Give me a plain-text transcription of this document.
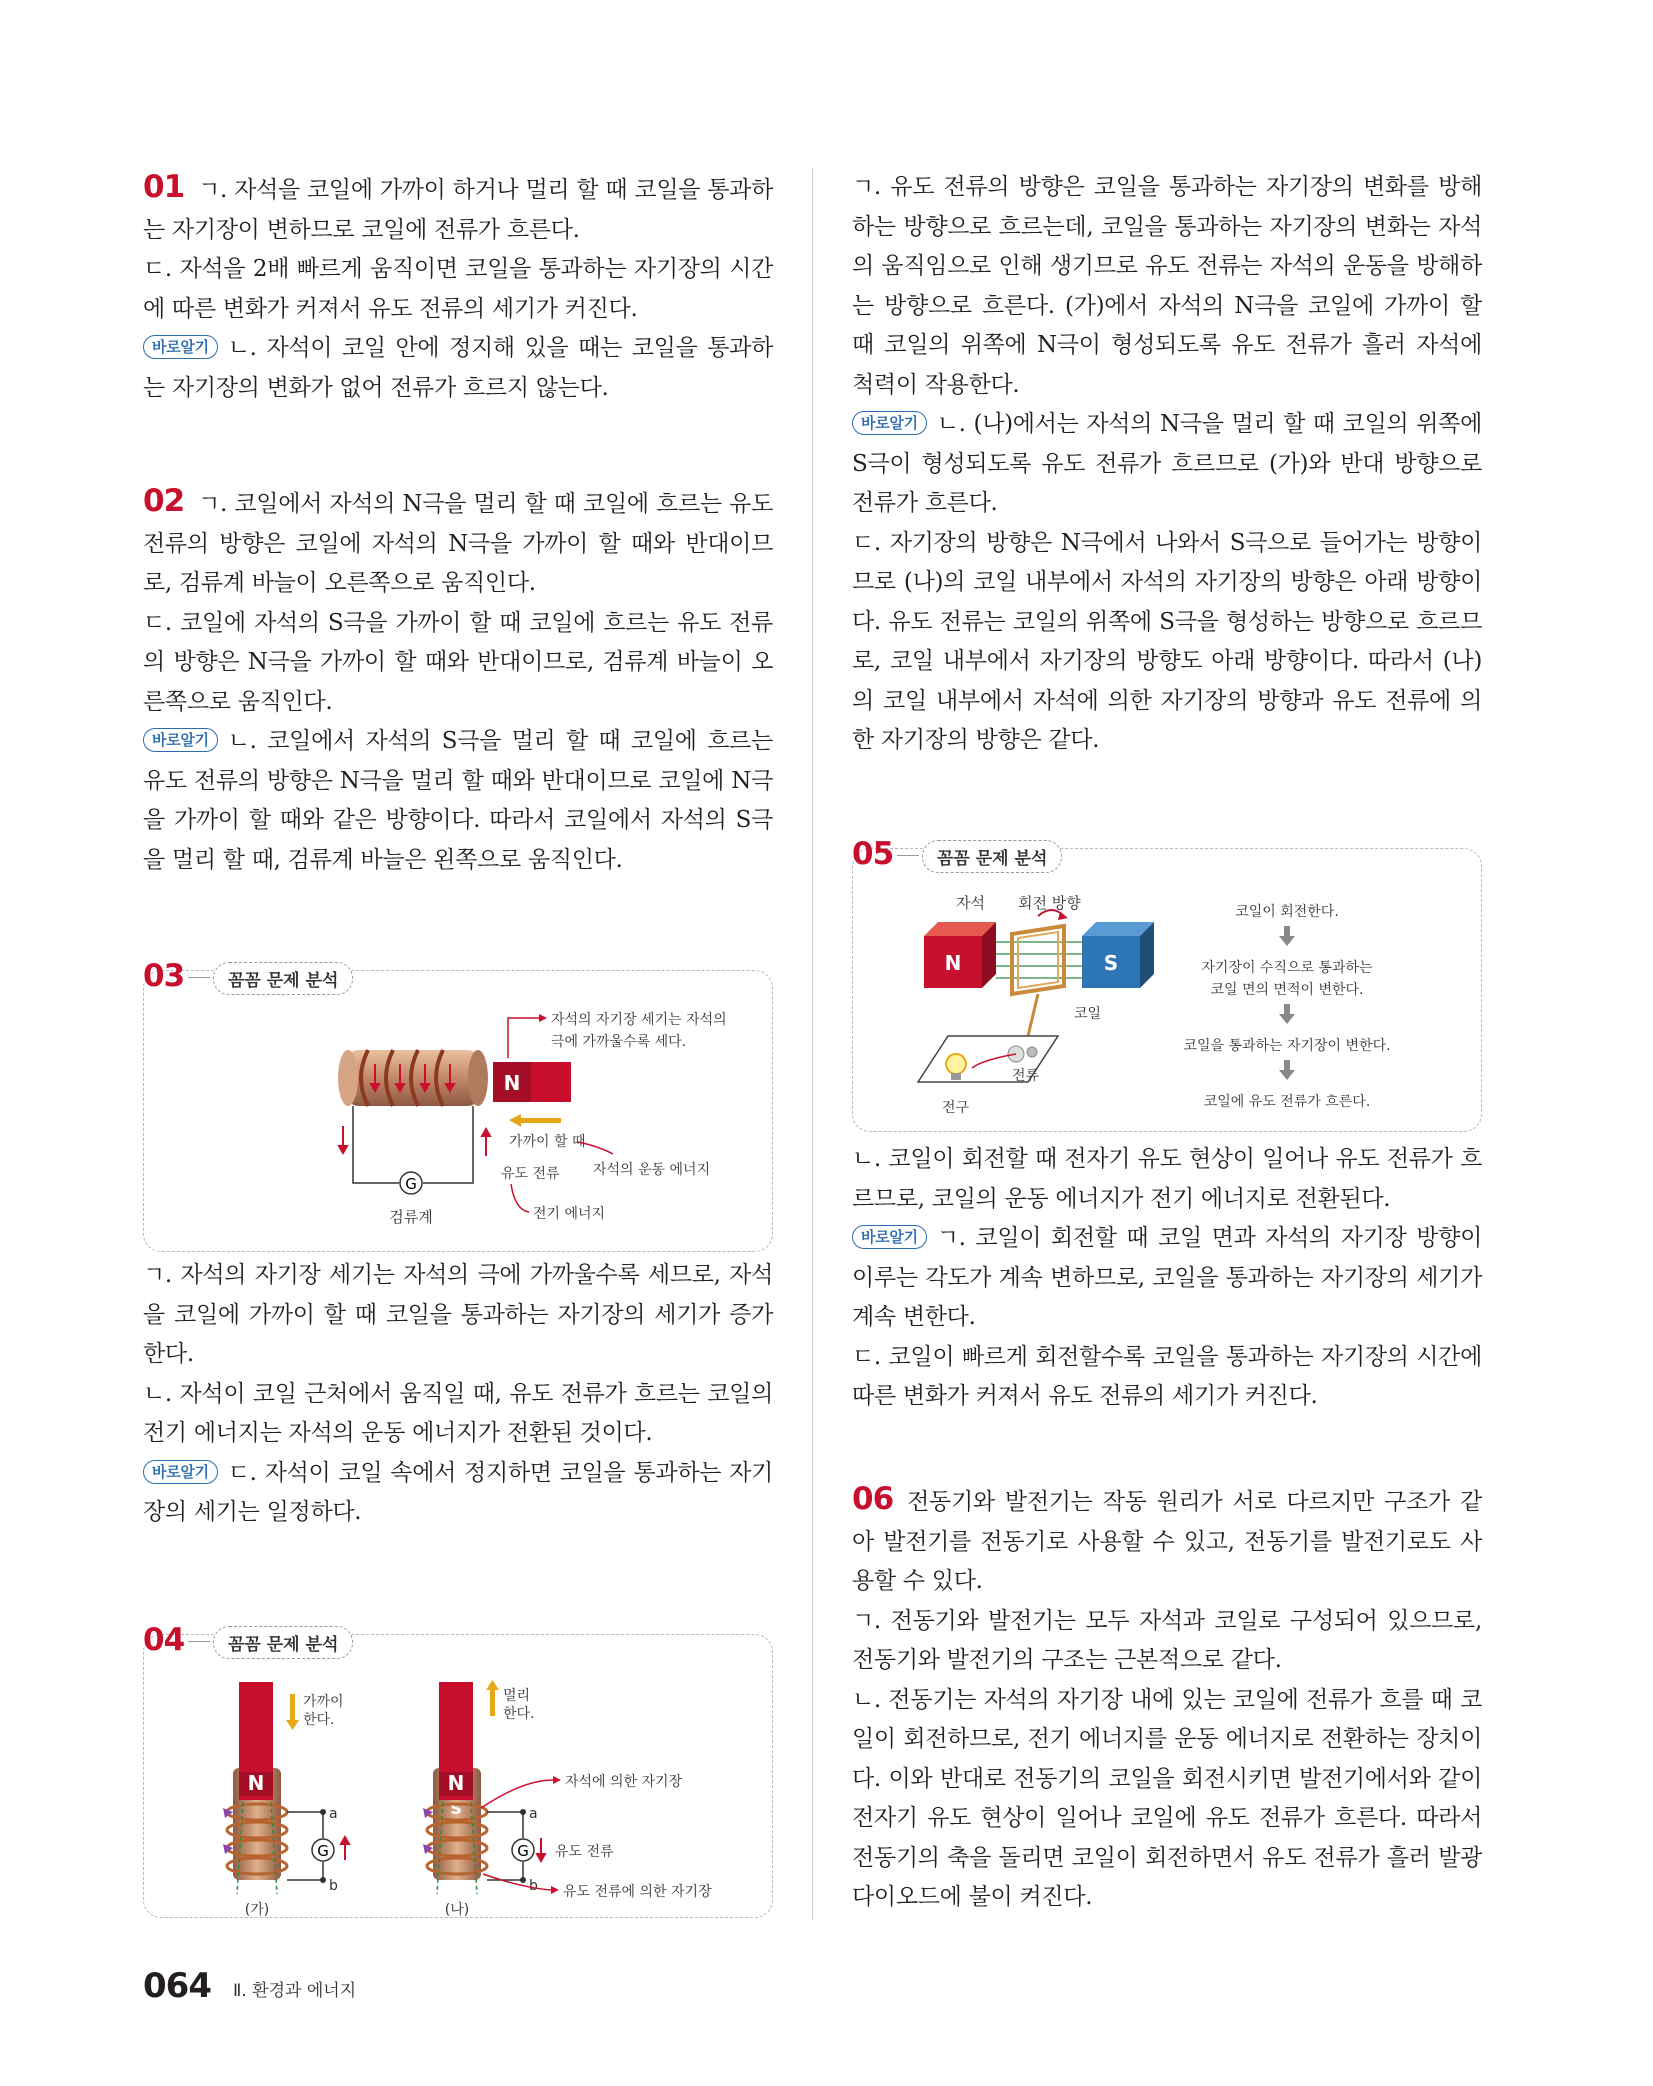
01 ㄱ. 자석을 코일에 가까이 하거나 멀리 할 때 코일을 통과하는 자기장이 변하므로 코일에 전류가 흐른다.

ㄷ. 자석을 2배 빠르게 움직이면 코일을 통과하는 자기장의 시간에 따른 변화가 커져서 유도 전류의 세기가 커진다.

바로알기 ㄴ. 자석이 코일 안에 정지해 있을 때는 코일을 통과하는 자기장의 변화가 없어 전류가 흐르지 않는다.

02 ㄱ. 코일에서 자석의 N극을 멀리 할 때 코일에 흐르는 유도 전류의 방향은 코일에 자석의 N극을 가까이 할 때와 반대이므로, 검류계 바늘이 오른쪽으로 움직인다.

ㄷ. 코일에 자석의 S극을 가까이 할 때 코일에 흐르는 유도 전류의 방향은 N극을 가까이 할 때와 반대이므로, 검류계 바늘이 오른쪽으로 움직인다.

바로알기 ㄴ. 코일에서 자석의 S극을 멀리 할 때 코일에 흐르는 유도 전류의 방향은 N극을 멀리 할 때와 반대이므로 코일에 N극을 가까이 할 때와 같은 방향이다. 따라서 코일에서 자석의 S극을 멀리 할 때, 검류계 바늘은 왼쪽으로 움직인다.

03	꼼꼼 문제 분석
G
검류계
N
자석의 자기장 세기는 자석의
극에 가까울수록 세다.
가까이 할 때
자석의 운동 에너지
유도 전류
전기 에너지

ㄱ. 자석의 자기장 세기는 자석의 극에 가까울수록 세므로, 자석을 코일에 가까이 할 때 코일을 통과하는 자기장의 세기가 증가한다.

ㄴ. 자석이 코일 근처에서 움직일 때, 유도 전류가 흐르는 코일의 전기 에너지는 자석의 운동 에너지가 전환된 것이다.

바로알기 ㄷ. 자석이 코일 속에서 정지하면 코일을 통과하는 자기장의 세기는 일정하다.

04	꼼꼼 문제 분석
N
가까이
한다.
G
a
b
(가)
N
S
멀리
한다.
G
a
b
(나)
자석에 의한 자기장
유도 전류
유도 전류에 의한 자기장

ㄱ. 유도 전류의 방향은 코일을 통과하는 자기장의 변화를 방해하는 방향으로 흐르는데, 코일을 통과하는 자기장의 변화는 자석의 움직임으로 인해 생기므로 유도 전류는 자석의 운동을 방해하는 방향으로 흐른다. (가)에서 자석의 N극을 코일에 가까이 할 때 코일의 위쪽에 N극이 형성되도록 유도 전류가 흘러 자석에 척력이 작용한다.

바로알기 ㄴ. (나)에서는 자석의 N극을 멀리 할 때 코일의 위쪽에 S극이 형성되도록 유도 전류가 흐르므로 (가)와 반대 방향으로 전류가 흐른다.

ㄷ. 자기장의 방향은 N극에서 나와서 S극으로 들어가는 방향이므로 (나)의 코일 내부에서 자석의 자기장의 방향은 아래 방향이다. 유도 전류는 코일의 위쪽에 S극을 형성하는 방향으로 흐르므로, 코일 내부에서 자기장의 방향도 아래 방향이다. 따라서 (나)의 코일 내부에서 자석에 의한 자기장의 방향과 유도 전류에 의한 자기장의 방향은 같다.

05	꼼꼼 문제 분석
자석 회전 방향
N	S
코일
전류
전구
코일이 회전한다.
자기장이 수직으로 통과하는
코일 면의 면적이 변한다.
코일을 통과하는 자기장이 변한다.
코일에 유도 전류가 흐른다.

ㄴ. 코일이 회전할 때 전자기 유도 현상이 일어나 유도 전류가 흐르므로, 코일의 운동 에너지가 전기 에너지로 전환된다.

바로알기 ㄱ. 코일이 회전할 때 코일 면과 자석의 자기장 방향이 이루는 각도가 계속 변하므로, 코일을 통과하는 자기장의 세기가 계속 변한다.

ㄷ. 코일이 빠르게 회전할수록 코일을 통과하는 자기장의 시간에 따른 변화가 커져서 유도 전류의 세기가 커진다.

06 전동기와 발전기는 작동 원리가 서로 다르지만 구조가 같아 발전기를 전동기로 사용할 수 있고, 전동기를 발전기로도 사용할 수 있다.

ㄱ. 전동기와 발전기는 모두 자석과 코일로 구성되어 있으므로, 전동기와 발전기의 구조는 근본적으로 같다.

ㄴ. 전동기는 자석의 자기장 내에 있는 코일에 전류가 흐를 때 코일이 회전하므로, 전기 에너지를 운동 에너지로 전환하는 장치이다. 이와 반대로 전동기의 코일을 회전시키면 발전기에서와 같이 전자기 유도 현상이 일어나 코일에 유도 전류가 흐른다. 따라서 전동기의 축을 돌리면 코일이 회전하면서 유도 전류가 흘러 발광다이오드에 불이 켜진다.

064 Ⅱ. 환경과 에너지
